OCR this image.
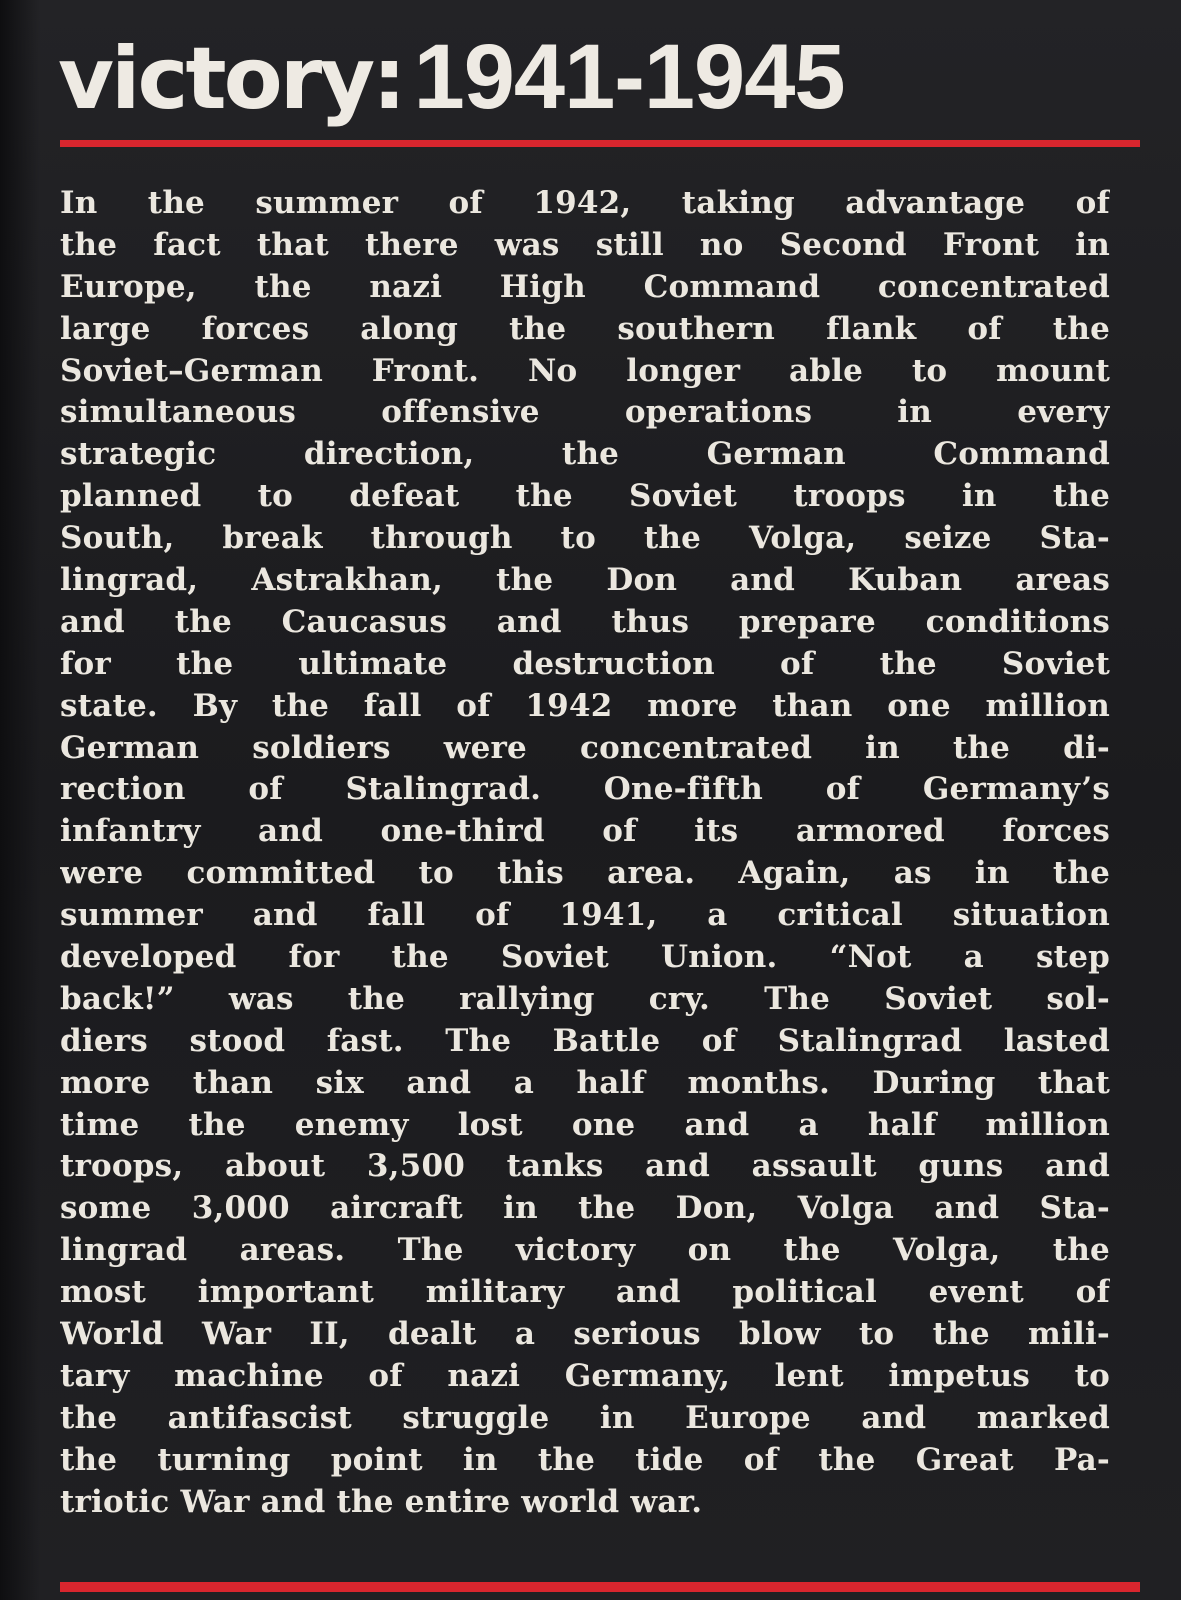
victory: 1941-1945
In the summer of 1942, taking advantage of
the fact that there was still no Second Front in
Europe, the nazi High Command concentrated
large forces along the southern flank of the
Soviet–German Front. No longer able to mount
simultaneous offensive operations in every
strategic direction, the German Command
planned to defeat the Soviet troops in the
South, break through to the Volga, seize Sta-
lingrad, Astrakhan, the Don and Kuban areas
and the Caucasus and thus prepare conditions
for the ultimate destruction of the Soviet
state. By the fall of 1942 more than one million
German soldiers were concentrated in the di-
rection of Stalingrad. One-fifth of Germany’s
infantry and one-third of its armored forces
were committed to this area. Again, as in the
summer and fall of 1941, a critical situation
developed for the Soviet Union. “Not a step
back!” was the rallying cry. The Soviet sol-
diers stood fast. The Battle of Stalingrad lasted
more than six and a half months. During that
time the enemy lost one and a half million
troops, about 3,500 tanks and assault guns and
some 3,000 aircraft in the Don, Volga and Sta-
lingrad areas. The victory on the Volga, the
most important military and political event of
World War II, dealt a serious blow to the mili-
tary machine of nazi Germany, lent impetus to
the antifascist struggle in Europe and marked
the turning point in the tide of the Great Pa-
triotic War and the entire world war.
